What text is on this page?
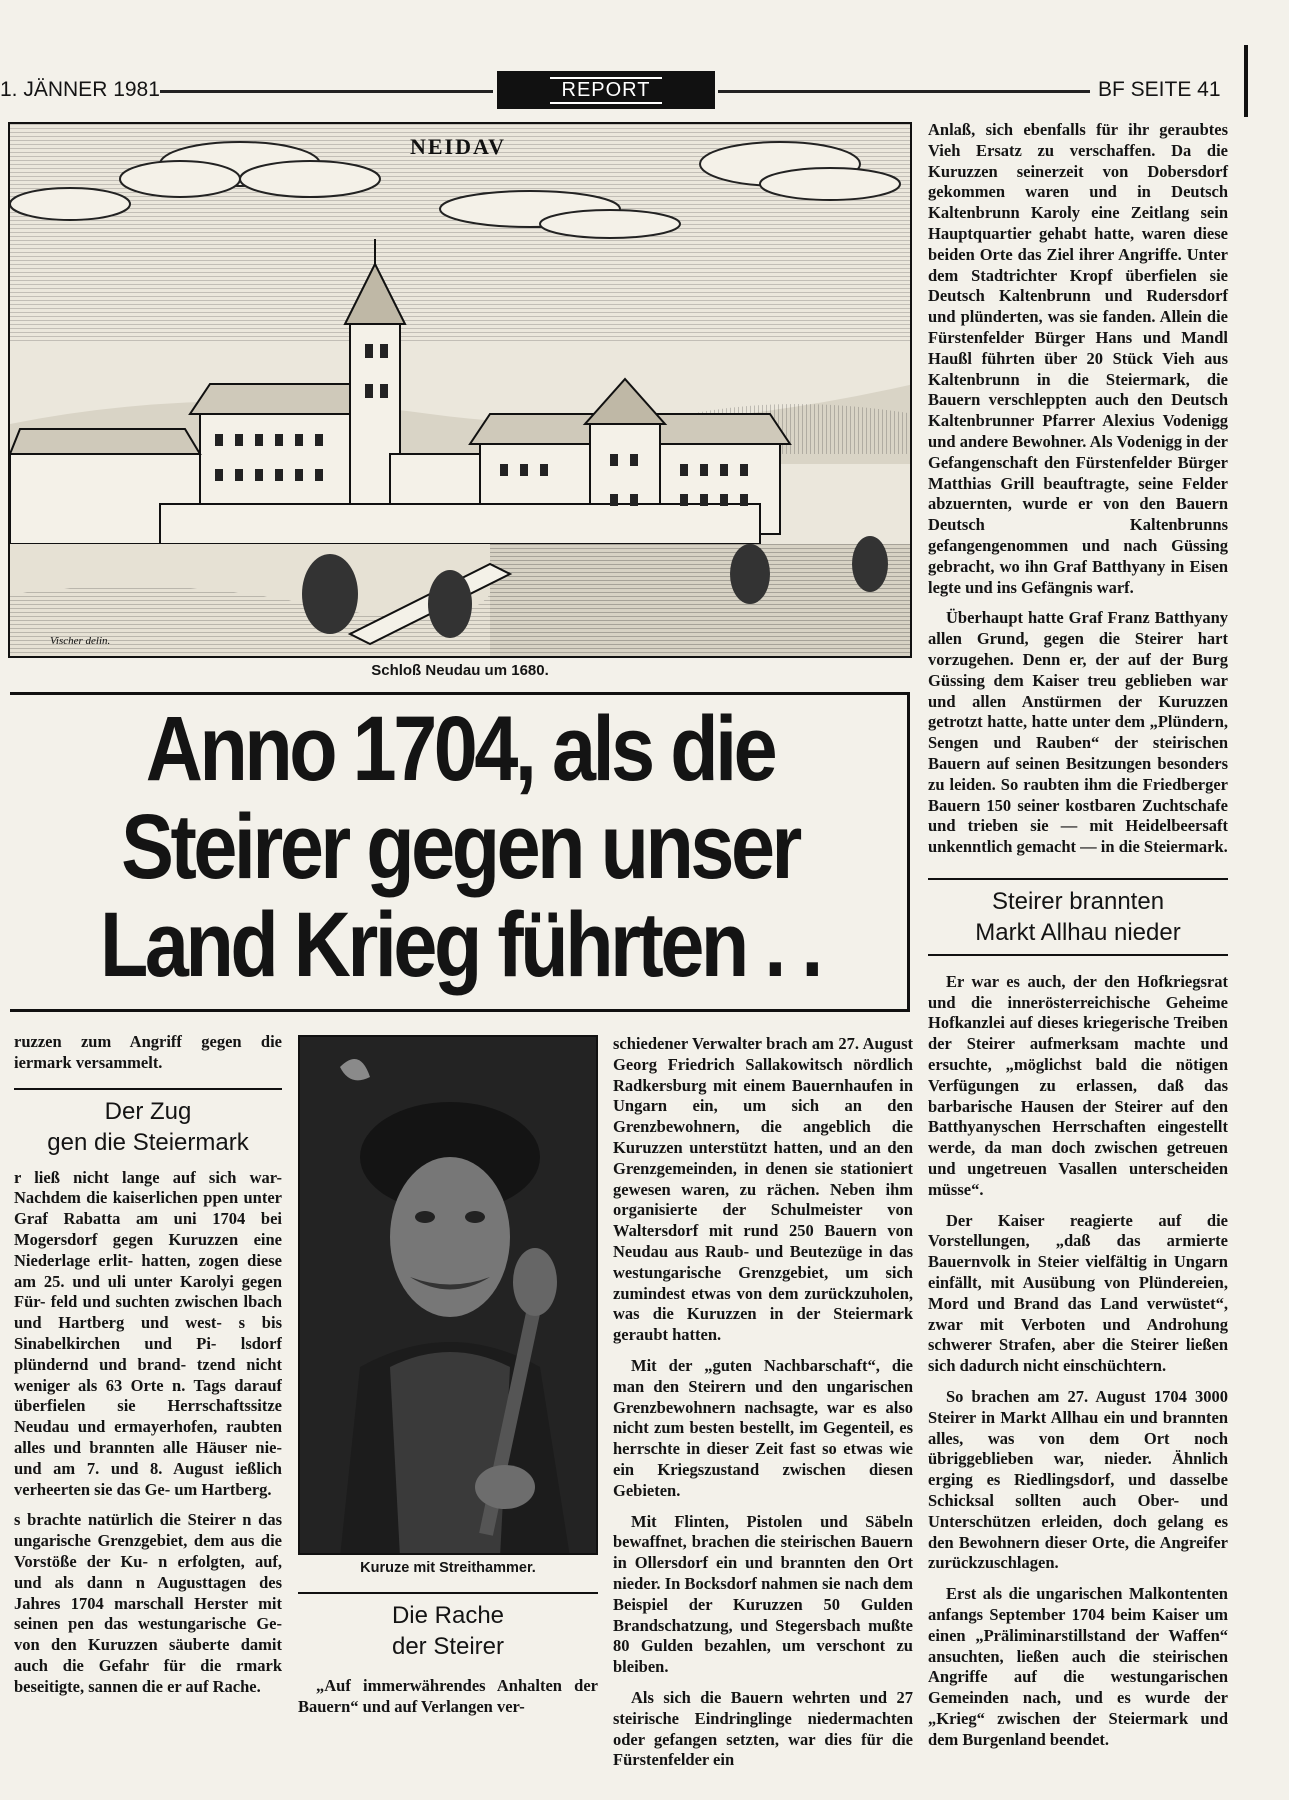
1. JÄNNER 1981	REPORT	BF SEITE 41
NEIDAV
Vischer delin.
Schloß Neudau um 1680.
Anno 1704, als die
Steirer gegen unser
Land Krieg führten . .

ruzzen zum Angriff gegen die iermark versammelt.

Der Zug
gen die Steiermark

r ließ nicht lange auf sich war- Nachdem die kaiserlichen ppen unter Graf Rabatta am uni 1704 bei Mogersdorf gegen Kuruzzen eine Niederlage erlit- hatten, zogen diese am 25. und uli unter Karolyi gegen Für- feld und suchten zwischen lbach und Hartberg und west- s bis Sinabelkirchen und Pi- lsdorf plündernd und brand- tzend nicht weniger als 63 Orte n. Tags darauf überfielen sie Herrschaftssitze Neudau und ermayerhofen, raubten alles und brannten alle Häuser nie- und am 7. und 8. August ießlich verheerten sie das Ge- um Hartberg.

s brachte natürlich die Steirer n das ungarische Grenzgebiet, dem aus die Vorstöße der Ku- n erfolgten, auf, und als dann n Augusttagen des Jahres 1704 marschall Herster mit seinen pen das westungarische Ge- von den Kuruzzen säuberte damit auch die Gefahr für die rmark beseitigte, sannen die er auf Rache.

Kuruze mit Streithammer.
Die Rache
der Steirer

„Auf immerwährendes Anhalten der Bauern“ und auf Verlangen ver-

schiedener Verwalter brach am 27. August Georg Friedrich Sallakowitsch nördlich Radkersburg mit einem Bauernhaufen in Ungarn ein, um sich an den Grenzbewohnern, die angeblich die Kuruzzen unterstützt hatten, und an den Grenzgemeinden, in denen sie stationiert gewesen waren, zu rächen. Neben ihm organisierte der Schulmeister von Waltersdorf mit rund 250 Bauern von Neudau aus Raub- und Beutezüge in das westungarische Grenzgebiet, um sich zumindest etwas von dem zurückzuholen, was die Kuruzzen in der Steiermark geraubt hatten.

Mit der „guten Nachbarschaft“, die man den Steirern und den ungarischen Grenzbewohnern nachsagte, war es also nicht zum besten bestellt, im Gegenteil, es herrschte in dieser Zeit fast so etwas wie ein Kriegszustand zwischen diesen Gebieten.

Mit Flinten, Pistolen und Säbeln bewaffnet, brachen die steirischen Bauern in Ollersdorf ein und brannten den Ort nieder. In Bocksdorf nahmen sie nach dem Beispiel der Kuruzzen 50 Gulden Brandschatzung, und Stegersbach mußte 80 Gulden bezahlen, um verschont zu bleiben.

Als sich die Bauern wehrten und 27 steirische Eindringlinge niedermachten oder gefangen setzten, war dies für die Fürstenfelder ein

Anlaß, sich ebenfalls für ihr geraubtes Vieh Ersatz zu verschaffen. Da die Kuruzzen seinerzeit von Dobersdorf gekommen waren und in Deutsch Kaltenbrunn Karoly eine Zeitlang sein Hauptquartier gehabt hatte, waren diese beiden Orte das Ziel ihrer Angriffe. Unter dem Stadtrichter Kropf überfielen sie Deutsch Kaltenbrunn und Rudersdorf und plünderten, was sie fanden. Allein die Fürstenfelder Bürger Hans und Mandl Haußl führten über 20 Stück Vieh aus Kaltenbrunn in die Steiermark, die Bauern verschleppten auch den Deutsch Kaltenbrunner Pfarrer Alexius Vodenigg und andere Bewohner. Als Vodenigg in der Gefangenschaft den Fürstenfelder Bürger Matthias Grill beauftragte, seine Felder abzuernten, wurde er von den Bauern Deutsch Kaltenbrunns gefangengenommen und nach Güssing gebracht, wo ihn Graf Batthyany in Eisen legte und ins Gefängnis warf.

Überhaupt hatte Graf Franz Batthyany allen Grund, gegen die Steirer hart vorzugehen. Denn er, der auf der Burg Güssing dem Kaiser treu geblieben war und allen Anstürmen der Kuruzzen getrotzt hatte, hatte unter dem „Plündern, Sengen und Rauben“ der steirischen Bauern auf seinen Besitzungen besonders zu leiden. So raubten ihm die Friedberger Bauern 150 seiner kostbaren Zuchtschafe und trieben sie — mit Heidelbeersaft unkenntlich gemacht — in die Steiermark.

Steirer brannten
Markt Allhau nieder

Er war es auch, der den Hofkriegsrat und die innerösterreichische Geheime Hofkanzlei auf dieses kriegerische Treiben der Steirer aufmerksam machte und ersuchte, „möglichst bald die nötigen Verfügungen zu erlassen, daß das barbarische Hausen der Steirer auf den Batthyanyschen Herrschaften eingestellt werde, da man doch zwischen getreuen und ungetreuen Vasallen unterscheiden müsse“.

Der Kaiser reagierte auf die Vorstellungen, „daß das armierte Bauernvolk in Steier vielfältig in Ungarn einfällt, mit Ausübung von Plündereien, Mord und Brand das Land verwüstet“, zwar mit Verboten und Androhung schwerer Strafen, aber die Steirer ließen sich dadurch nicht einschüchtern.

So brachen am 27. August 1704 3000 Steirer in Markt Allhau ein und brannten alles, was von dem Ort noch übriggeblieben war, nieder. Ähnlich erging es Riedlingsdorf, und dasselbe Schicksal sollten auch Ober- und Unterschützen erleiden, doch gelang es den Bewohnern dieser Orte, die Angreifer zurückzuschlagen.

Erst als die ungarischen Malkontenten anfangs September 1704 beim Kaiser um einen „Präliminarstillstand der Waffen“ ansuchten, ließen auch die steirischen Angriffe auf die westungarischen Gemeinden nach, und es wurde der „Krieg“ zwischen der Steiermark und dem Burgenland beendet.
